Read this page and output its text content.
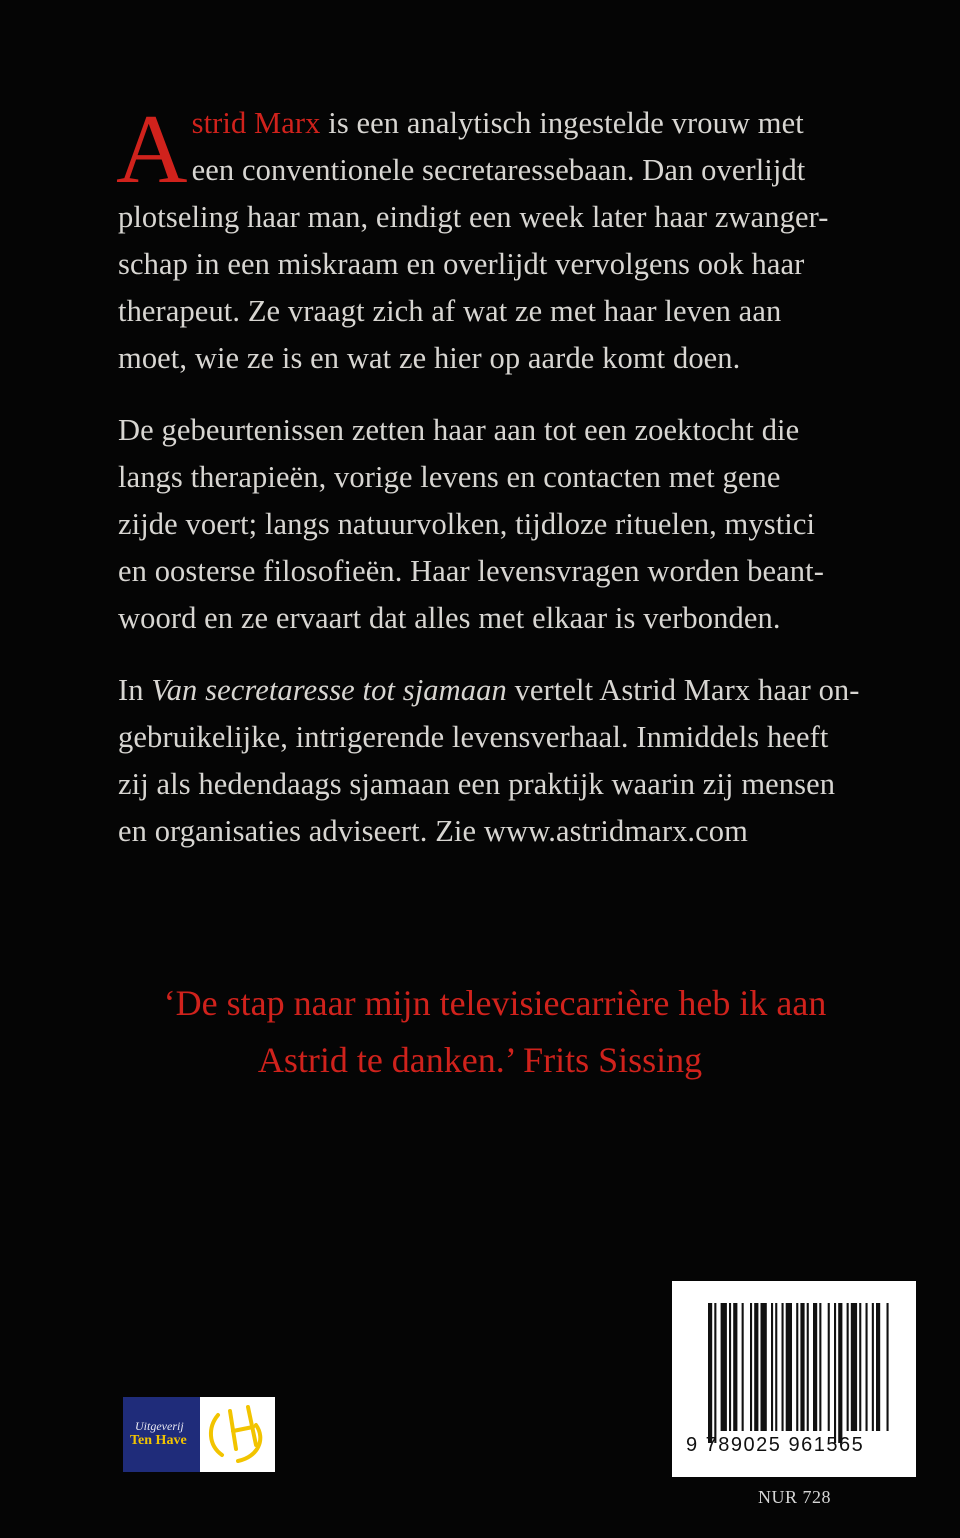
A strid Marx is een analytisch ingestelde vrouw met
een conventionele secretaressebaan. Dan overlijdt
plotseling haar man, eindigt een week later haar zwanger-
schap in een miskraam en overlijdt vervolgens ook haar
therapeut. Ze vraagt zich af wat ze met haar leven aan
moet, wie ze is en wat ze hier op aarde komt doen.

De gebeurtenissen zetten haar aan tot een zoektocht die
langs therapieën, vorige levens en contacten met gene
zijde voert; langs natuurvolken, tijdloze rituelen, mystici
en oosterse filosofieën. Haar levensvragen worden beant-
woord en ze ervaart dat alles met elkaar is verbonden.

In Van secretaresse tot sjamaan vertelt Astrid Marx haar on-
gebruikelijke, intrigerende levensverhaal. Inmiddels heeft
zij als hedendaags sjamaan een praktijk waarin zij mensen
en organisaties adviseert. Zie www.astridmarx.com

‘De stap naar mijn televisiecarrière heb ik aan
Astrid te danken.’ Frits Sissing
Uitgeverij
Ten Have	9 789025 961565
NUR 728
